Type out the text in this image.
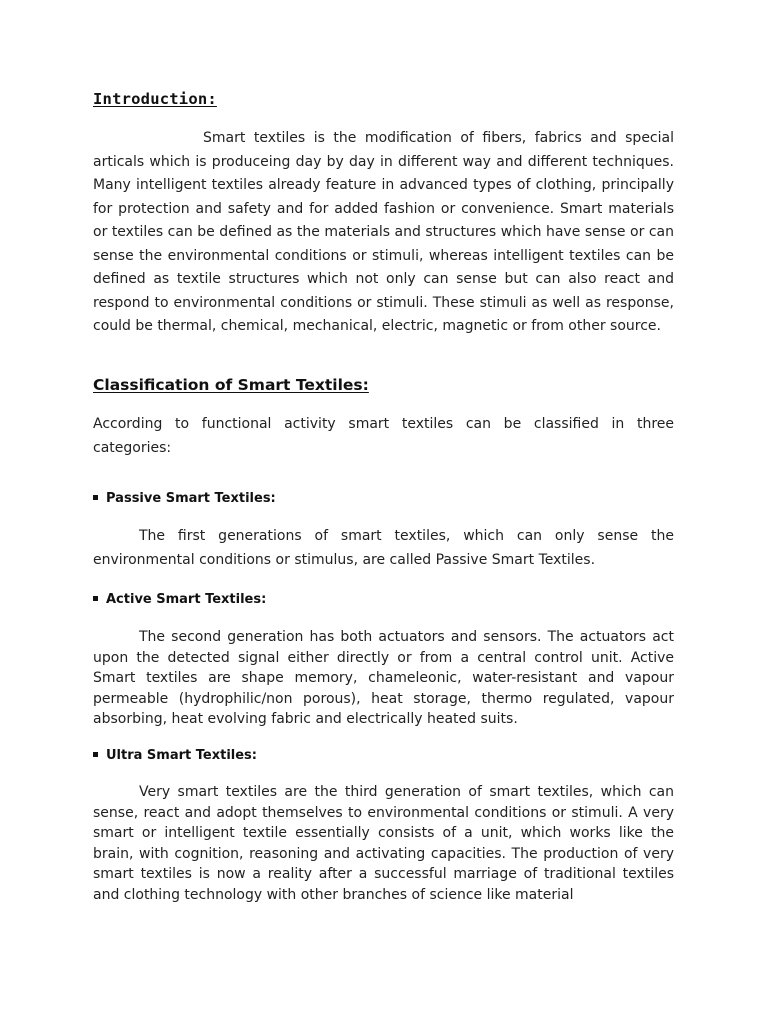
Introduction:

Smart textiles is the modification of fibers, fabrics and special articals which is produceing day by day in different way and different techniques. Many intelligent textiles already feature in advanced types of clothing, principally for protection and safety and for added fashion or convenience. Smart materials or textiles can be defined as the materials and structures which have sense or can sense the environmental conditions or stimuli, whereas intelligent textiles can be defined as textile structures which not only can sense but can also react and respond to environmental conditions or stimuli. These stimuli as well as response, could be thermal, chemical, mechanical, electric, magnetic or from other source.

Classification of Smart Textiles:

According to functional activity smart textiles can be classified in three categories:

Passive Smart Textiles:

The first generations of smart textiles, which can only sense the environmental conditions or stimulus, are called Passive Smart Textiles.

Active Smart Textiles:

The second generation has both actuators and sensors. The actuators act upon the detected signal either directly or from a central control unit. Active Smart textiles are shape memory, chameleonic, water-resistant and vapour permeable (hydrophilic/non porous), heat storage, thermo regulated, vapour absorbing, heat evolving fabric and electrically heated suits.

Ultra Smart Textiles:

Very smart textiles are the third generation of smart textiles, which can sense, react and adopt themselves to environmental conditions or stimuli. A very smart or intelligent textile essentially consists of a unit, which works like the brain, with cognition, reasoning and activating capacities. The production of very smart textiles is now a reality after a successful marriage of traditional textiles and clothing technology with other branches of science like material
